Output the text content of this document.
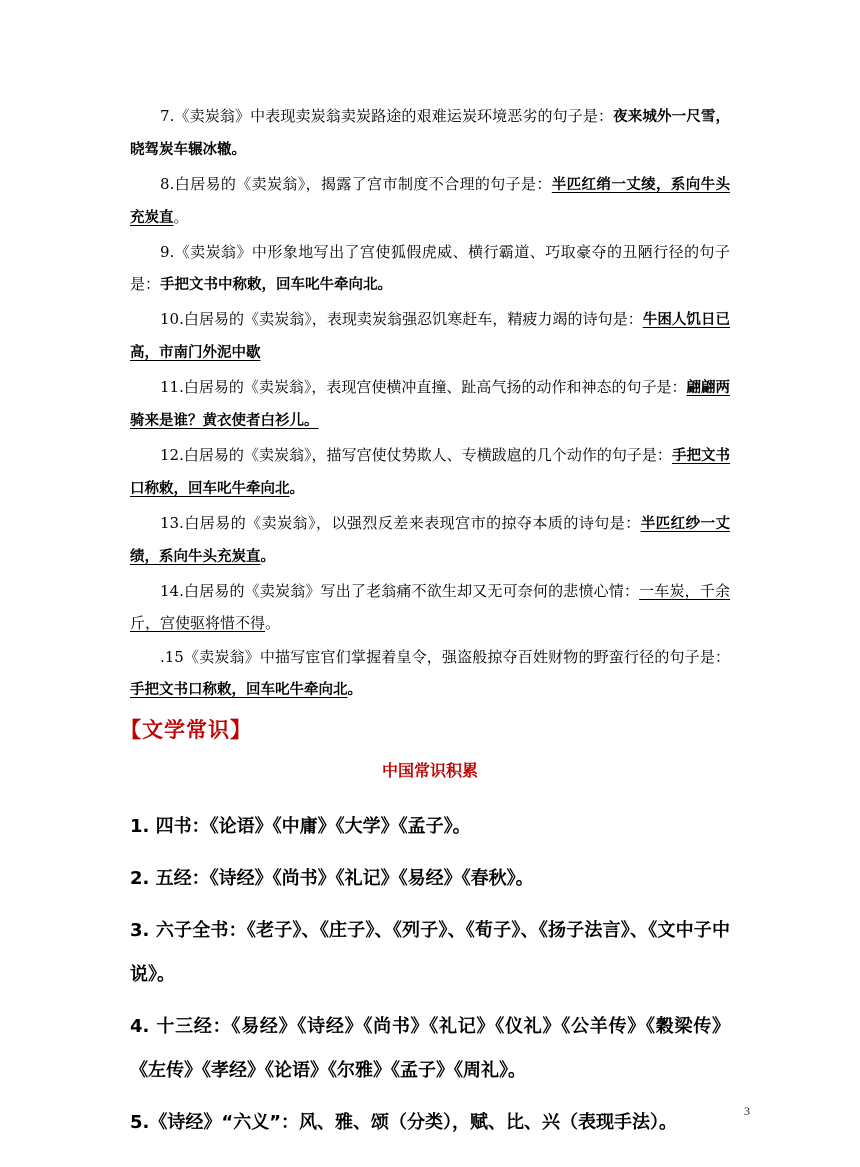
7.《卖炭翁》中表现卖炭翁卖炭路途的艰难运炭环境恶劣的句子是：夜来城外一尺雪，晓驾炭车辗冰辙。

8.白居易的《卖炭翁》，揭露了宫市制度不合理的句子是：半匹红绡一丈绫，系向牛头充炭直。

9.《卖炭翁》中形象地写出了宫使狐假虎威、横行霸道、巧取豪夺的丑陋行径的句子是：手把文书中称敕，回车叱牛牵向北。

10.白居易的《卖炭翁》，表现卖炭翁强忍饥寒赶车，精疲力竭的诗句是：牛困人饥日已高，市南门外泥中歇

11.白居易的《卖炭翁》，表现宫使横冲直撞、趾高气扬的动作和神态的句子是：翩翩两骑来是谁？黄衣使者白衫儿。

12.白居易的《卖炭翁》，描写宫使仗势欺人、专横跋扈的几个动作的句子是：手把文书口称敕，回车叱牛牵向北。

13.白居易的《卖炭翁》，以强烈反差来表现宫市的掠夺本质的诗句是：半匹红纱一丈绩，系向牛头充炭直。

14.白居易的《卖炭翁》写出了老翁痛不欲生却又无可奈何的悲愤心情：一车炭，千余斤，宫使驱将惜不得。

.15《卖炭翁》中描写宦官们掌握着皇令，强盗般掠夺百姓财物的野蛮行径的句子是：手把文书口称敕，回车叱牛牵向北。

【文学常识】
中国常识积累

1. 四书：《论语》《中庸》《大学》《孟子》。

2. 五经：《诗经》《尚书》《礼记》《易经》《春秋》。

3. 六子全书：《老子》、《庄子》、《列子》、《荀子》、《扬子法言》、《文中子中说》。

4. 十三经：《易经》《诗经》《尚书》《礼记》《仪礼》《公羊传》《穀梁传》《左传》《孝经》《论语》《尔雅》《孟子》《周礼》。

5.《诗经》“六义”：风、雅、颂（分类），赋、比、兴（表现手法）。

3
